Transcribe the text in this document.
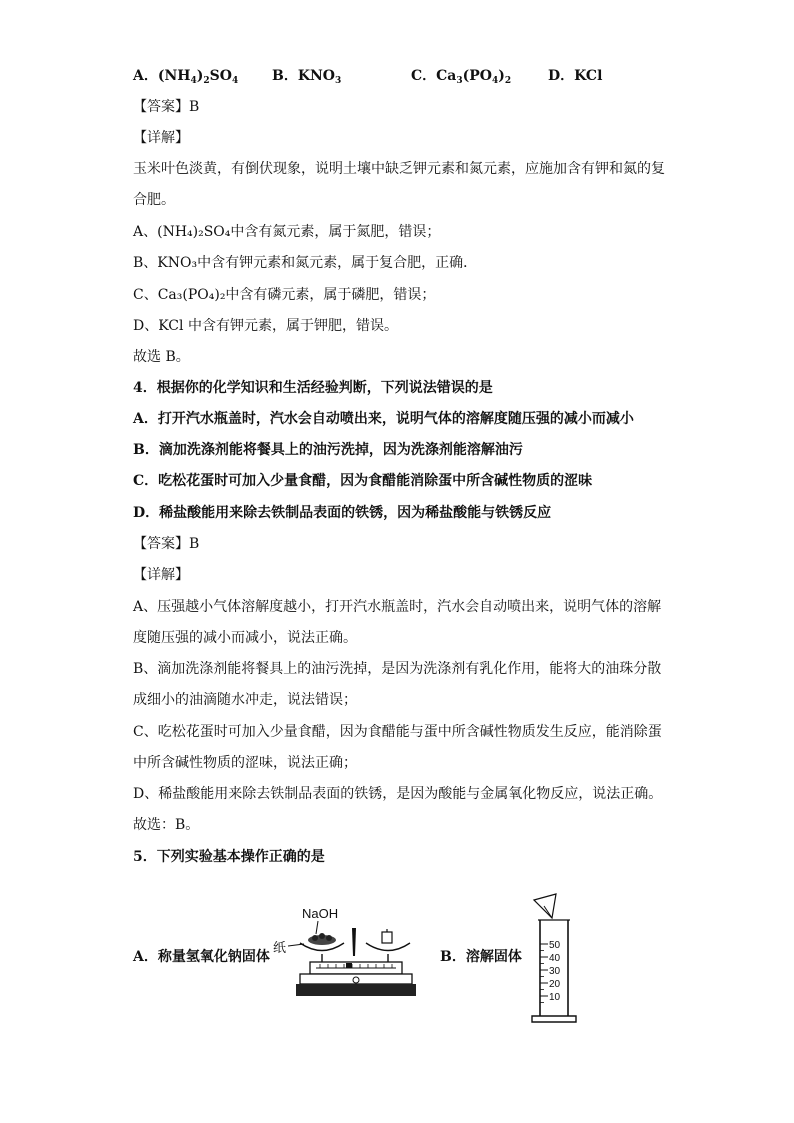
A．$(NH_4)_2SO_4$ B．$KNO_3$	C．$Ca_3(PO_4)_2$	D．KCl
【答案】B
【详解】
玉米叶色淡黄，有倒伏现象，说明土壤中缺乏钾元素和氮元素，应施加含有钾和氮的复
合肥。
A、(NH₄)₂SO₄中含有氮元素，属于氮肥，错误；
B、KNO₃中含有钾元素和氮元素，属于复合肥，正确．
C、Ca₃(PO₄)₂中含有磷元素，属于磷肥，错误；
D、KCl 中含有钾元素，属于钾肥，错误。
故选 B。
4．根据你的化学知识和生活经验判断，下列说法错误的是
A．打开汽水瓶盖时，汽水会自动喷出来，说明气体的溶解度随压强的减小而减小
B．滴加洗涤剂能将餐具上的油污洗掉，因为洗涤剂能溶解油污
C．吃松花蛋时可加入少量食醋，因为食醋能消除蛋中所含碱性物质的涩味
D．稀盐酸能用来除去铁制品表面的铁锈，因为稀盐酸能与铁锈反应
【答案】B
【详解】
A、压强越小气体溶解度越小，打开汽水瓶盖时，汽水会自动喷出来，说明气体的溶解
度随压强的减小而减小，说法正确。
B、滴加洗涤剂能将餐具上的油污洗掉，是因为洗涤剂有乳化作用，能将大的油珠分散
成细小的油滴随水冲走，说法错误；
C、吃松花蛋时可加入少量食醋，因为食醋能与蛋中所含碱性物质发生反应，能消除蛋
中所含碱性物质的涩味，说法正确；
D、稀盐酸能用来除去铁制品表面的铁锈，是因为酸能与金属氧化物反应，说法正确。
故选：B。
5．下列实验基本操作正确的是
A．称量氢氧化钠固体
NaOH
纸
B．溶解固体
50
40
30
20
10
